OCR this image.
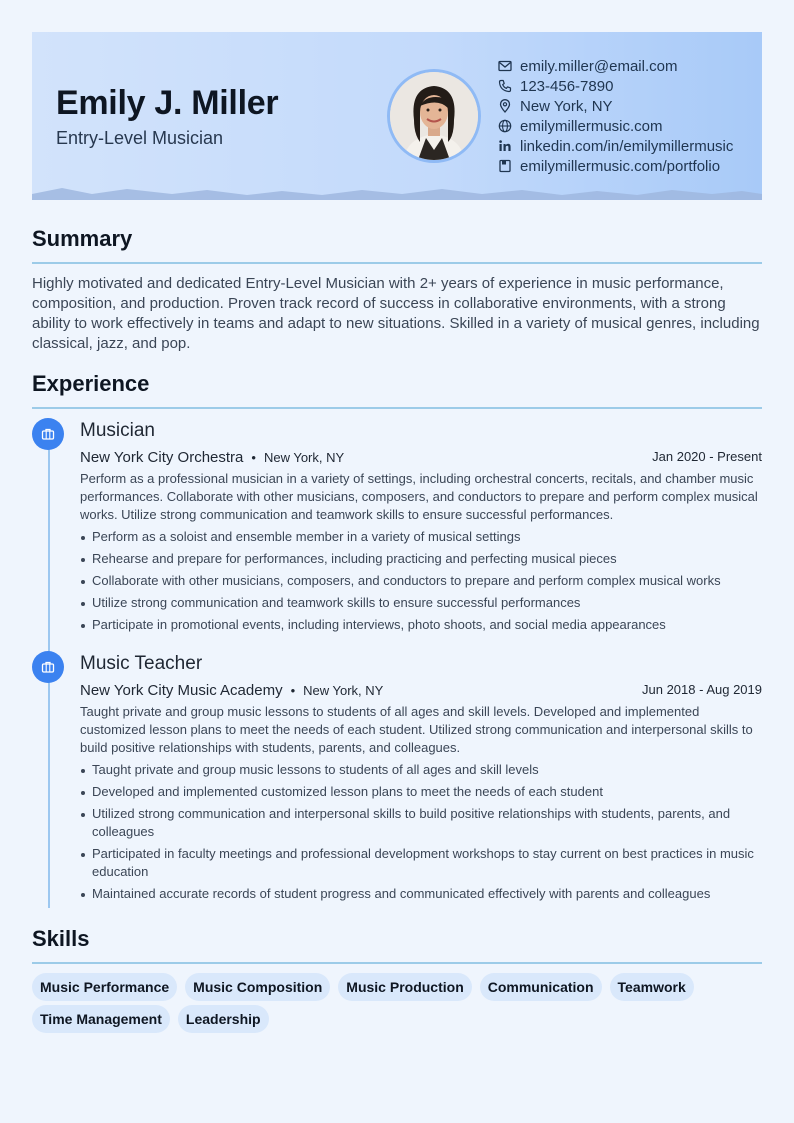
Emily J. Miller
Entry-Level Musician
emily.miller@email.com
123-456-7890
New York, NY
emilymillermusic.com
linkedin.com/in/emilymillermusic
emilymillermusic.com/portfolio
Summary
Highly motivated and dedicated Entry-Level Musician with 2+ years of experience in music performance, composition, and production. Proven track record of success in collaborative environments, with a strong ability to work effectively in teams and adapt to new situations. Skilled in a variety of musical genres, including classical, jazz, and pop.
Experience
Musician
New York City Orchestra • New York, NY	Jan 2020 - Present
Perform as a professional musician in a variety of settings, including orchestral concerts, recitals, and chamber music performances. Collaborate with other musicians, composers, and conductors to prepare and perform complex musical works. Utilize strong communication and teamwork skills to ensure successful performances.
Perform as a soloist and ensemble member in a variety of musical settings
Rehearse and prepare for performances, including practicing and perfecting musical pieces
Collaborate with other musicians, composers, and conductors to prepare and perform complex musical works
Utilize strong communication and teamwork skills to ensure successful performances
Participate in promotional events, including interviews, photo shoots, and social media appearances
Music Teacher
New York City Music Academy • New York, NY	Jun 2018 - Aug 2019
Taught private and group music lessons to students of all ages and skill levels. Developed and implemented customized lesson plans to meet the needs of each student. Utilized strong communication and interpersonal skills to build positive relationships with students, parents, and colleagues.
Taught private and group music lessons to students of all ages and skill levels
Developed and implemented customized lesson plans to meet the needs of each student
Utilized strong communication and interpersonal skills to build positive relationships with students, parents, and colleagues
Participated in faculty meetings and professional development workshops to stay current on best practices in music education
Maintained accurate records of student progress and communicated effectively with parents and colleagues
Skills
Music Performance	Music Composition	Music Production	Communication	Teamwork
Time Management	Leadership
